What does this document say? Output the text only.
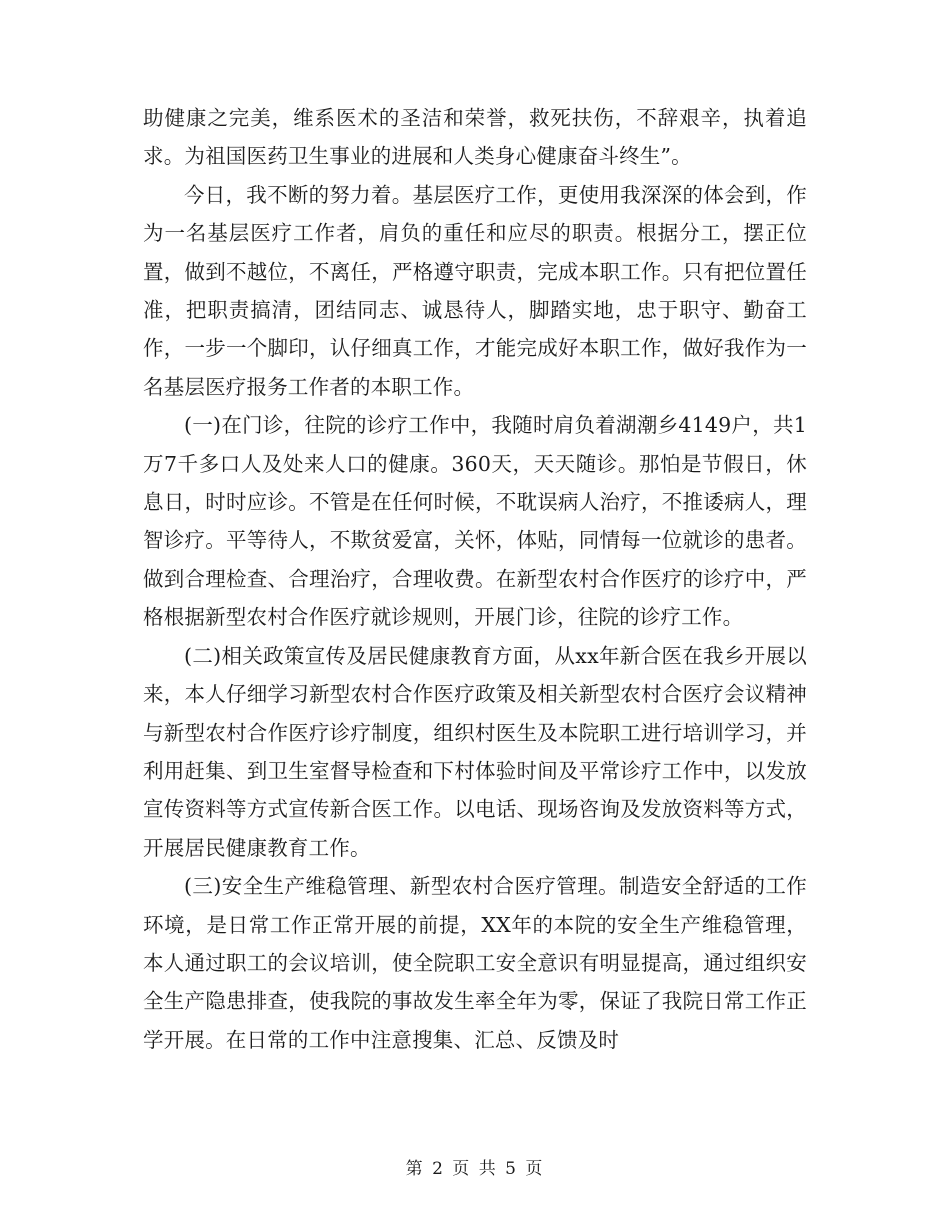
助健康之完美，维系医术的圣洁和荣誉，救死扶伤，不辞艰辛，执着追求。为祖国医药卫生事业的进展和人类身心健康奋斗终生”。

今日，我不断的努力着。基层医疗工作，更使用我深深的体会到，作为一名基层医疗工作者，肩负的重任和应尽的职责。根据分工，摆正位置，做到不越位，不离任，严格遵守职责，完成本职工作。只有把位置任准，把职责搞清，团结同志、诚恳待人，脚踏实地，忠于职守、勤奋工作，一步一个脚印，认仔细真工作，才能完成好本职工作，做好我作为一名基层医疗报务工作者的本职工作。

(一)在门诊，往院的诊疗工作中，我随时肩负着湖潮乡4149户，共1万7千多口人及处来人口的健康。360天，天天随诊。那怕是节假日，休息日，时时应诊。不管是在任何时候，不耽误病人治疗，不推诿病人，理智诊疗。平等待人，不欺贫爱富，关怀，体贴，同情每一位就诊的患者。做到合理检查、合理治疗，合理收费。在新型农村合作医疗的诊疗中，严格根据新型农村合作医疗就诊规则，开展门诊，往院的诊疗工作。

(二)相关政策宣传及居民健康教育方面，从xx年新合医在我乡开展以来，本人仔细学习新型农村合作医疗政策及相关新型农村合医疗会议精神与新型农村合作医疗诊疗制度，组织村医生及本院职工进行培训学习，并利用赶集、到卫生室督导检查和下村体验时间及平常诊疗工作中，以发放宣传资料等方式宣传新合医工作。以电话、现场咨询及发放资料等方式，开展居民健康教育工作。

(三)安全生产维稳管理、新型农村合医疗管理。制造安全舒适的工作环境，是日常工作正常开展的前提，XX年的本院的安全生产维稳管理，本人通过职工的会议培训，使全院职工安全意识有明显提高，通过组织安全生产隐患排查，使我院的事故发生率全年为零，保证了我院日常工作正学开展。在日常的工作中注意搜集、汇总、反馈及时

第 2 页 共 5 页
